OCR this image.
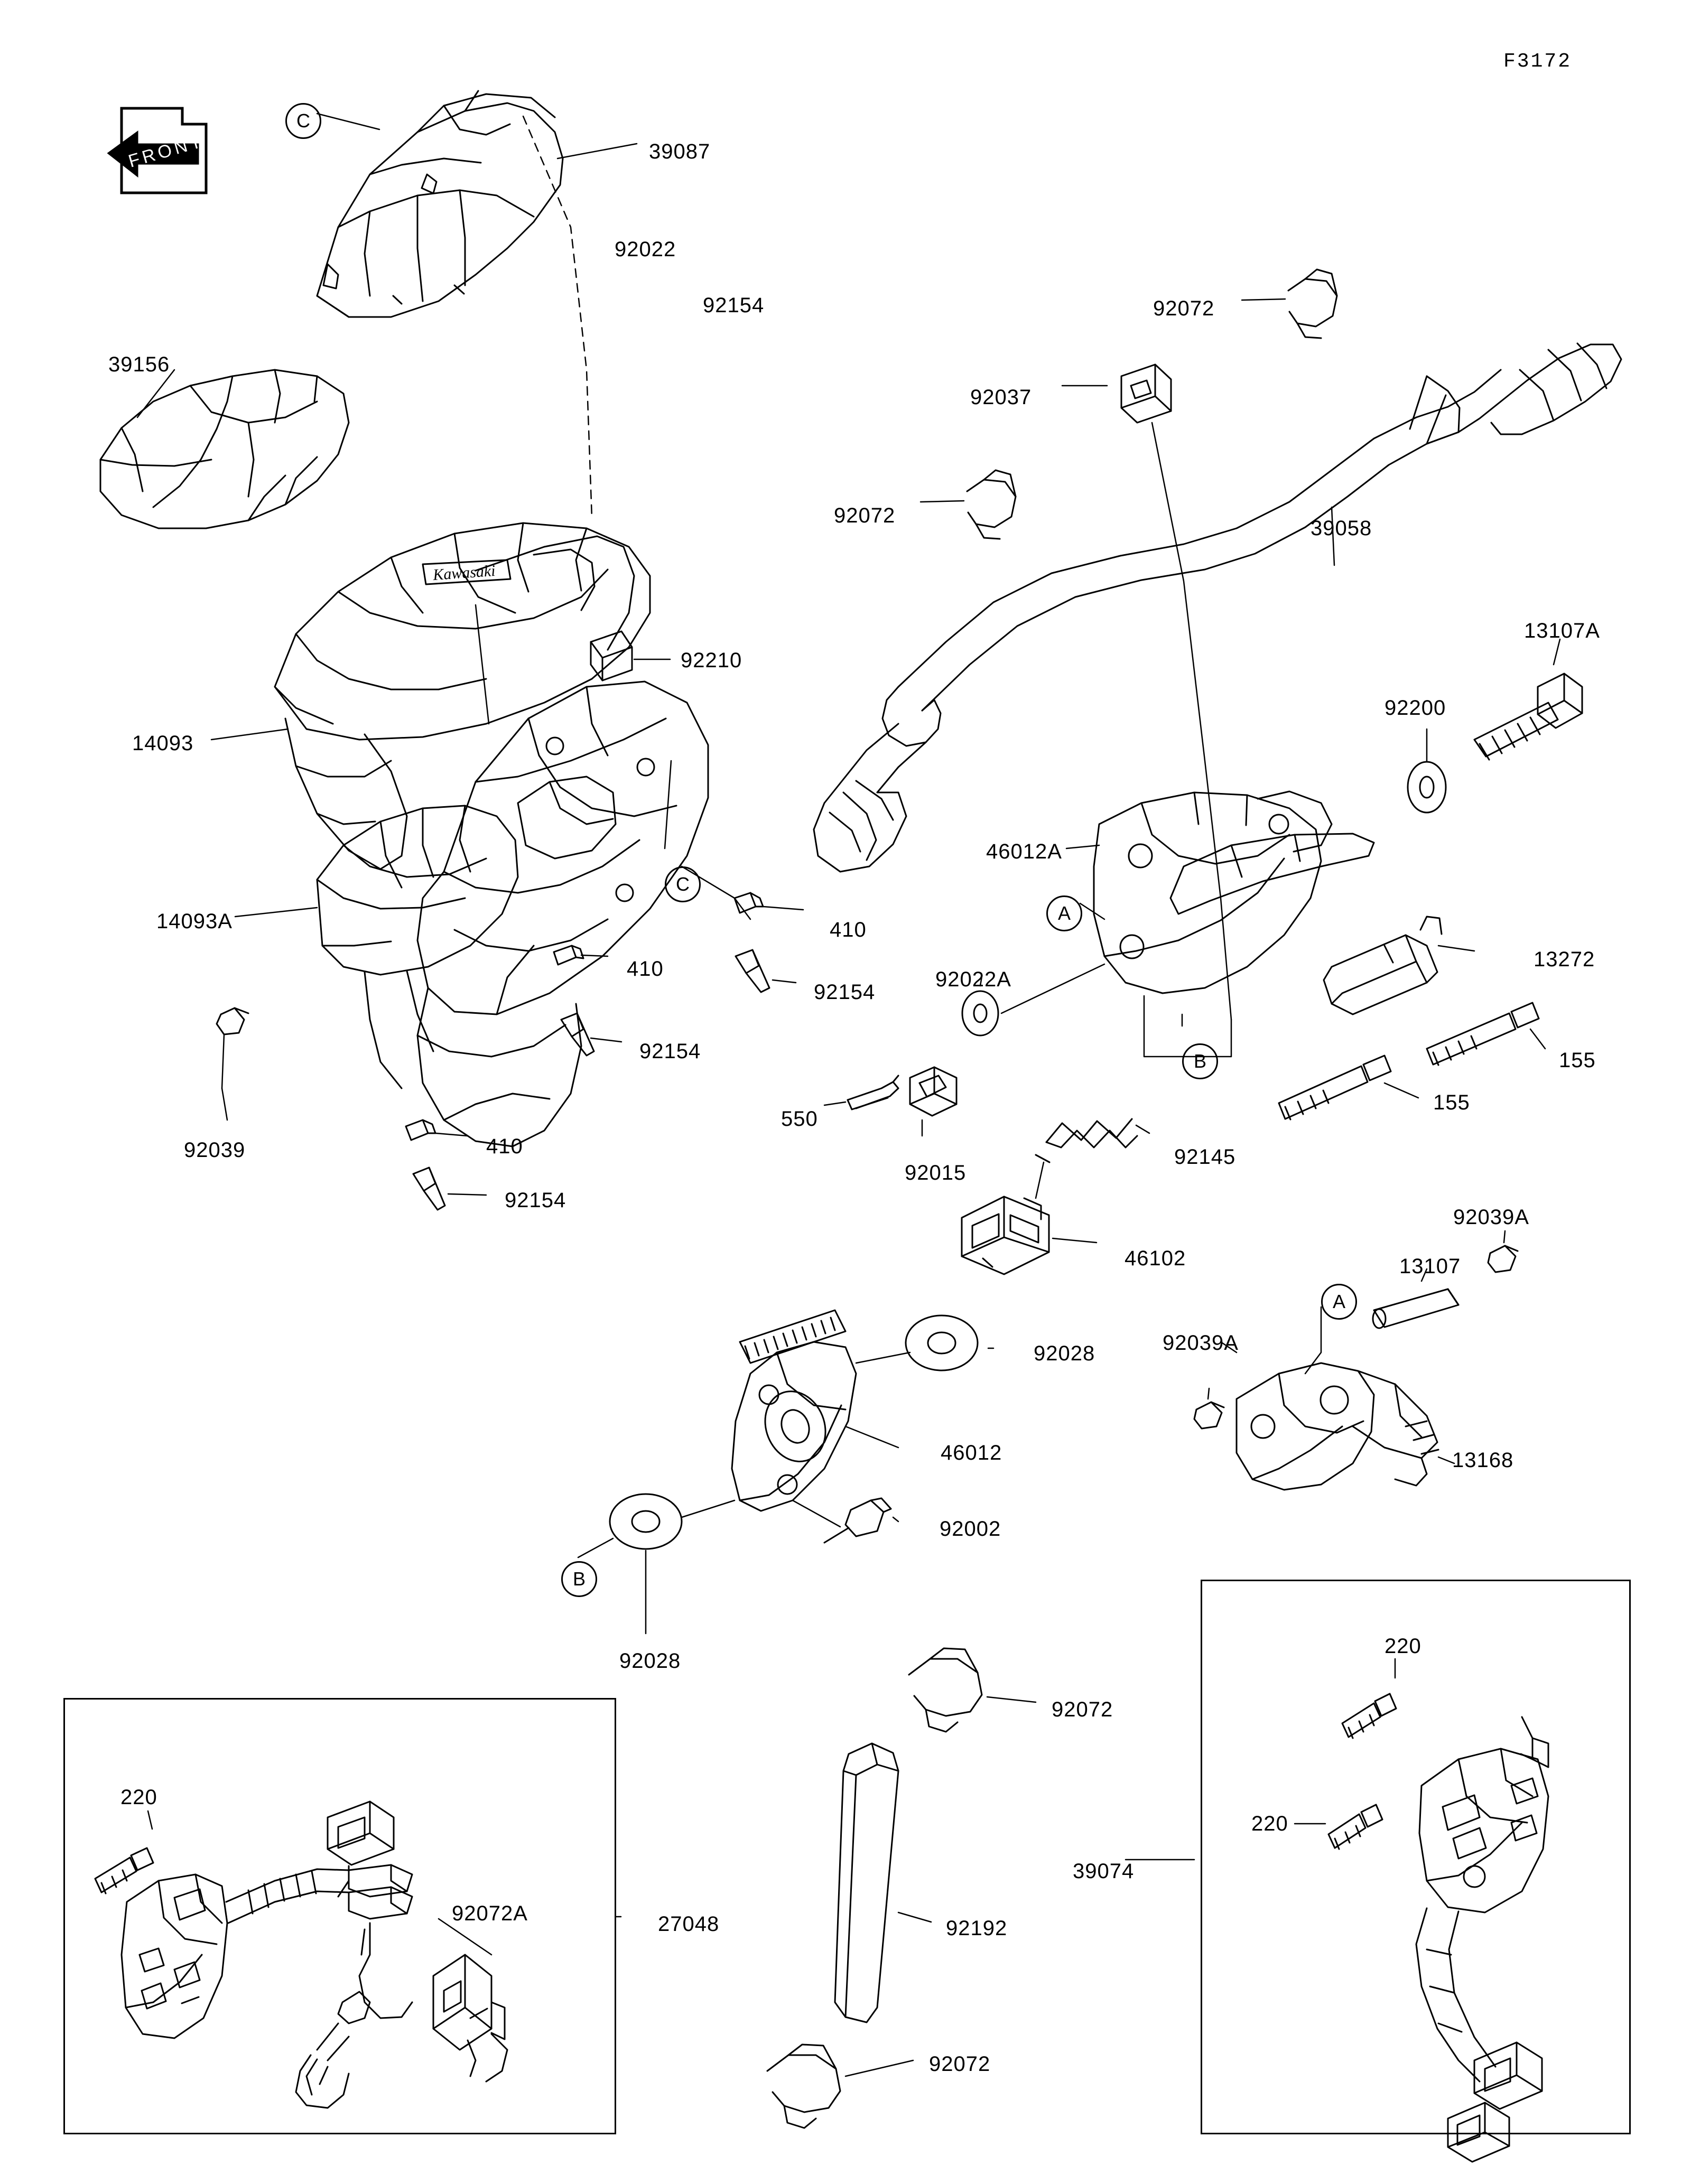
F3172
FRONT
Kawasaki
C
C
A
B
A
B
39087
92022
92154
39156
92072
92037
92072
39058
92210
13107A
14093
92200
46012A
14093A	410
13272
410
92154
92022A
92154	155
92039
550
155
410
92015
92145
92154
92039A
46102	13107
92039A
92028
46012	13168
92002
92028
220
92072
220
220
39074
92072A	27048	92192
92072
